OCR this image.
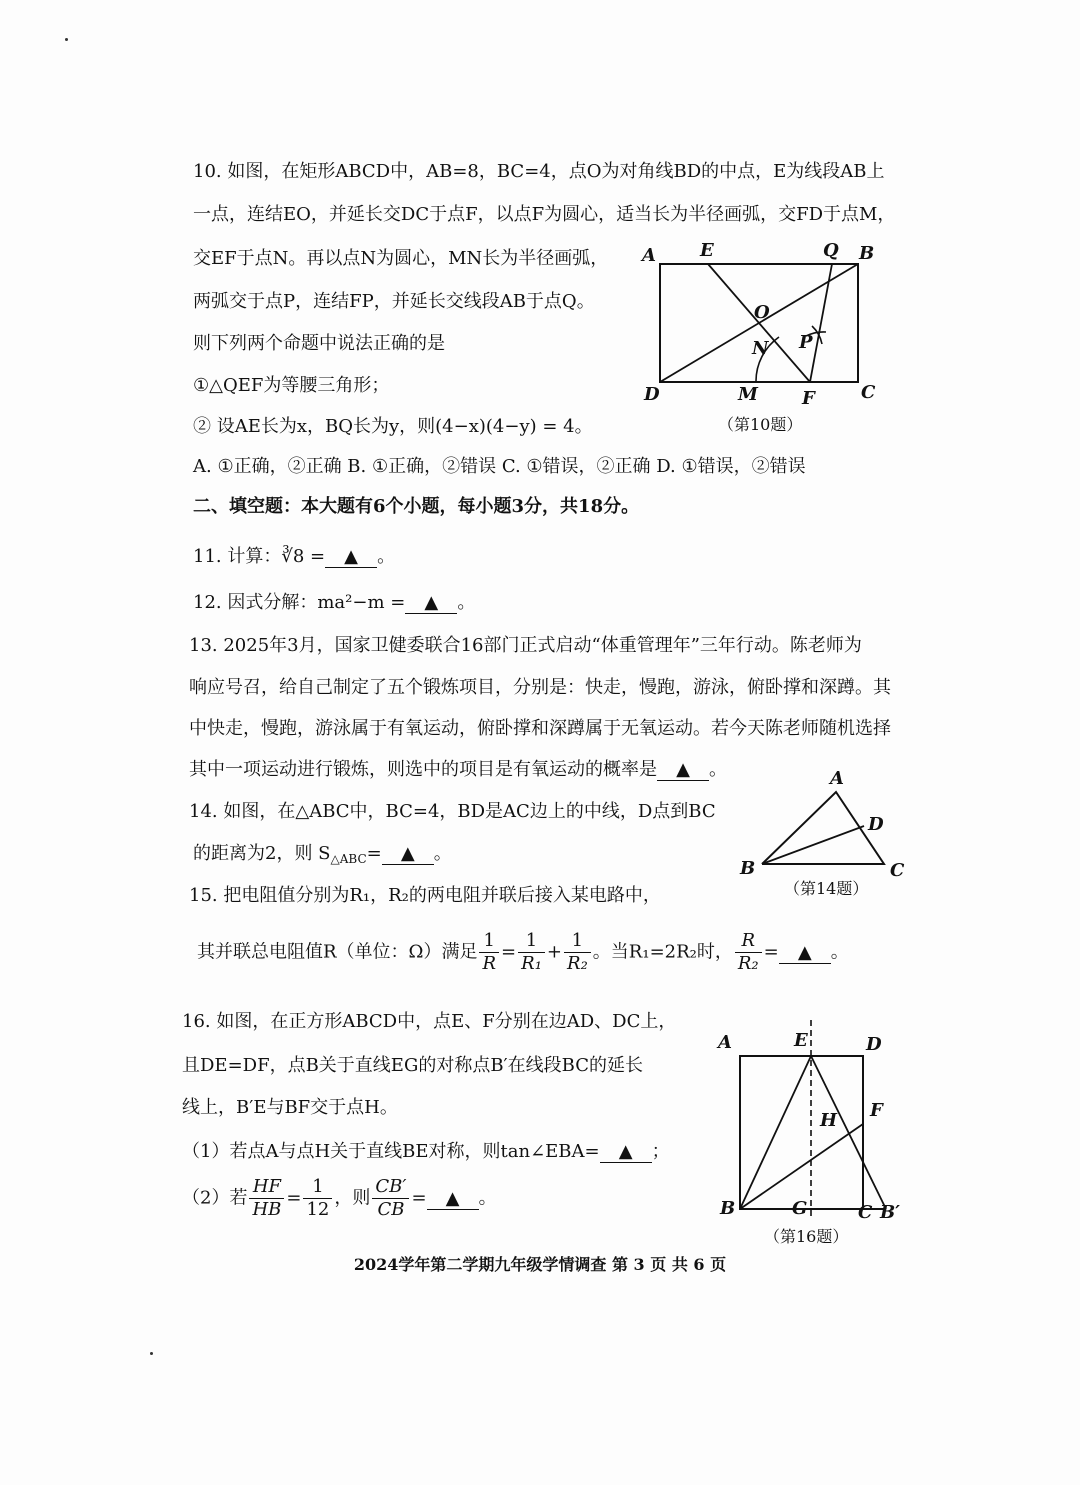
10. 如图，在矩形ABCD中，AB=8，BC=4，点O为对角线BD的中点，E为线段AB上
一点，连结EO，并延长交DC于点F，以点F为圆心，适当长为半径画弧，交FD于点M，
交EF于点N。再以点N为圆心，MN长为半径画弧，
两弧交于点P，连结FP，并延长交线段AB于点Q。
则下列两个命题中说法正确的是
①△QEF为等腰三角形；
② 设AE长为x，BQ长为y，则(4−x)(4−y) = 4。
A. ①正确，②正确 B. ①正确，②错误 C. ①错误，②正确 D. ①错误，②错误
A E	Q B
O
N P
D	M F	C
（第10题）
二、填空题：本大题有6个小题，每小题3分，共18分。
11. 计算：∛8 = ▲ 。
12. 因式分解：ma²−m = ▲ 。
13. 2025年3月，国家卫健委联合16部门正式启动“体重管理年”三年行动。陈老师为
响应号召，给自己制定了五个锻炼项目，分别是：快走，慢跑，游泳，俯卧撑和深蹲。其
中快走，慢跑，游泳属于有氧运动，俯卧撑和深蹲属于无氧运动。若今天陈老师随机选择
其中一项运动进行锻炼，则选中的项目是有氧运动的概率是 ▲ 。
14. 如图，在△ABC中，BC=4，BD是AC边上的中线，D点到BC
的距离为2，则 $S_{\triangle ABC}=$ ▲ 。
A
D
B	C
（第14题）
15. 把电阻值分别为R₁，R₂的两电阻并联后接入某电路中，
其并联总电阻值R（单位：Ω）满足 $\frac{1}{R} = \frac{1}{\text{R₁}} + \frac{1}{\text{R₂}}$ 。当R₁=2R₂时， $\frac{R}{\text{R₂}}$ = ▲ 。
16. 如图，在正方形ABCD中，点E、F分别在边AD、DC上，
且DE=DF，点B关于直线EG的对称点B′在线段BC的延长
线上，B′E与BF交于点H。
（1）若点A与点H关于直线BE对称，则tan∠EBA= ▲ ；
（2）若 $\frac{HF}{HB} = \frac{1}{12}$ ，则 $\frac{CB'}{CB}$ = ▲ 。
A	E	D
H F
B	G	C B′
（第16题）
2024学年第二学期九年级学情调查 第 3 页 共 6 页
